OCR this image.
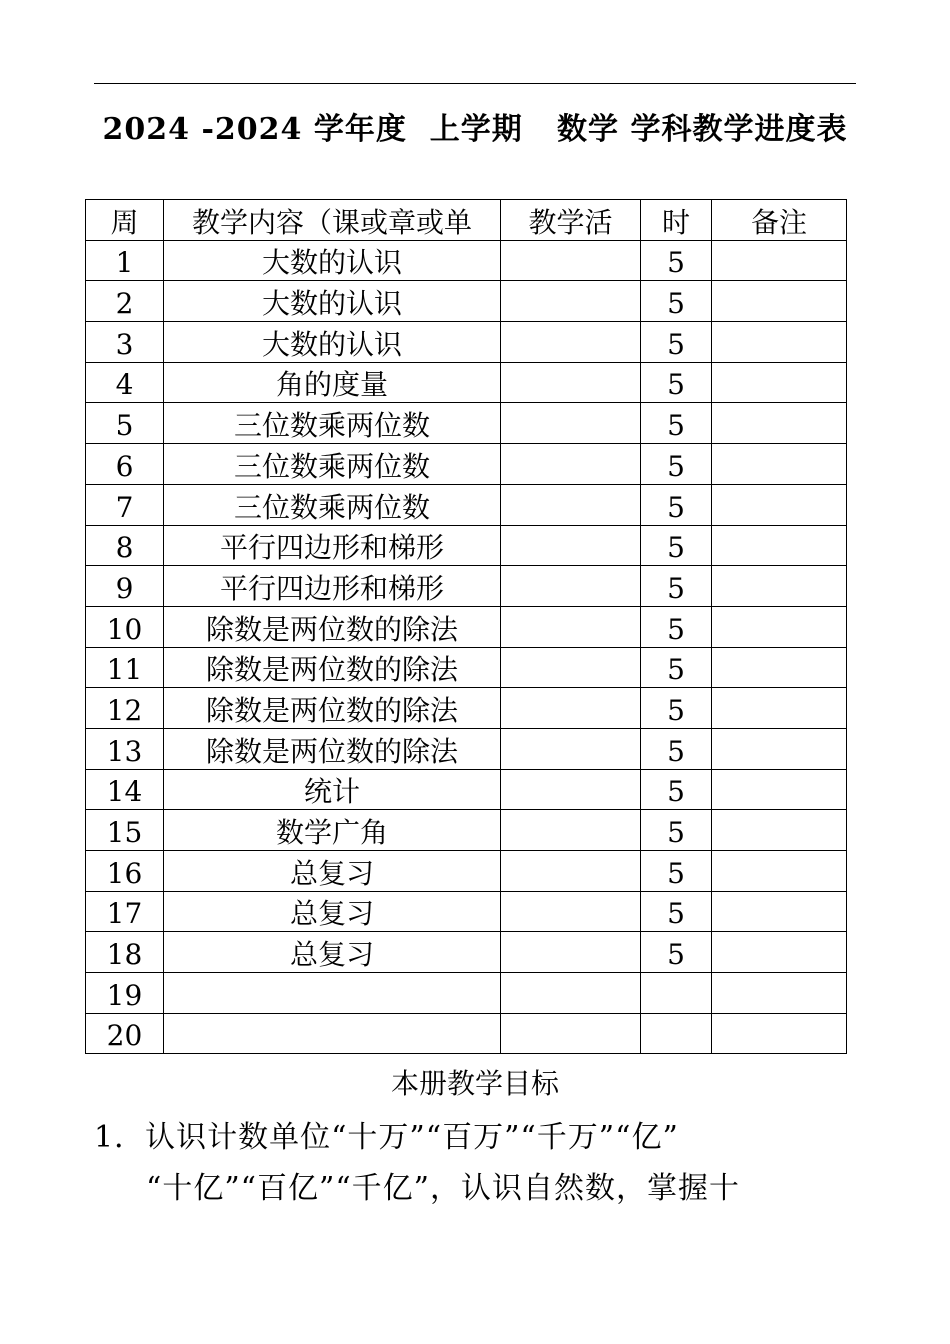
2024 -2024 学年度  上学期   数学 学科教学进度表
周	教学内容（课或章或单	教学活	时	备注
1	大数的认识		5	
2	大数的认识		5	
3	大数的认识		5	
4	角的度量		5	
5	三位数乘两位数		5	
6	三位数乘两位数		5	
7	三位数乘两位数		5	
8	平行四边形和梯形		5	
9	平行四边形和梯形		5	
10	除数是两位数的除法		5	
11	除数是两位数的除法		5	
12	除数是两位数的除法		5	
13	除数是两位数的除法		5	
14	统计		5	
15	数学广角		5	
16	总复习		5	
17	总复习		5	
18	总复习		5	
19				
20				
本册教学目标
1．认识计数单位“十万”“百万”“千万”“亿”
“十亿”“百亿”“千亿”，认识自然数，掌握十
